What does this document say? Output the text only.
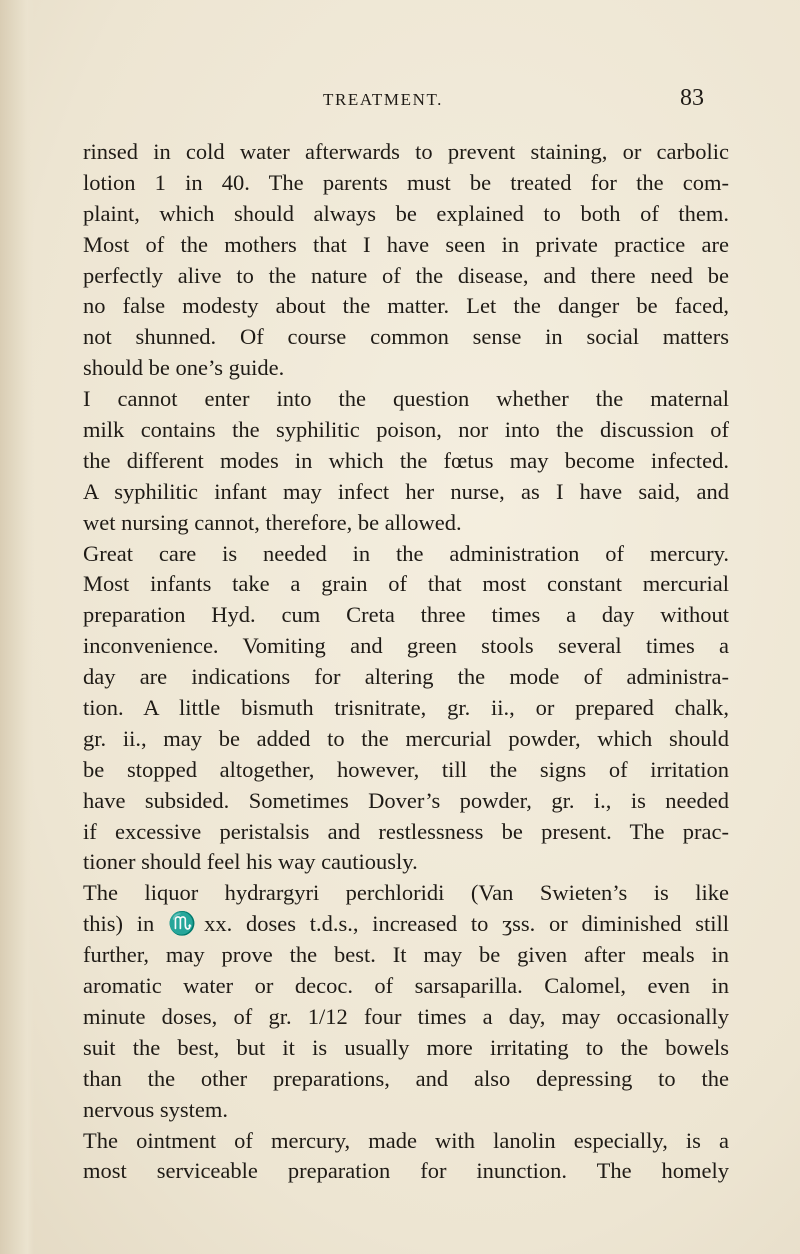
TREATMENT.	83
rinsed in cold water afterwards to prevent staining, or carbolic
lotion 1 in 40. The parents must be treated for the com-
plaint, which should always be explained to both of them.
Most of the mothers that I have seen in private practice are
perfectly alive to the nature of the disease, and there need be
no false modesty about the matter. Let the danger be faced,
not shunned. Of course common sense in social matters
should be one’s guide.
I cannot enter into the question whether the maternal
milk contains the syphilitic poison, nor into the discussion of
the different modes in which the fœtus may become infected.
A syphilitic infant may infect her nurse, as I have said, and
wet nursing cannot, therefore, be allowed.
Great care is needed in the administration of mercury.
Most infants take a grain of that most constant mercurial
preparation Hyd. cum Creta three times a day without
inconvenience. Vomiting and green stools several times a
day are indications for altering the mode of administra-
tion. A little bismuth trisnitrate, gr. ii., or prepared chalk,
gr. ii., may be added to the mercurial powder, which should
be stopped altogether, however, till the signs of irritation
have subsided. Sometimes Dover’s powder, gr. i., is needed
if excessive peristalsis and restlessness be present. The prac-
tioner should feel his way cautiously.
The liquor hydrargyri perchloridi (Van Swieten’s is like
this) in ♏xx. doses t.d.s., increased to ʒss. or diminished still
further, may prove the best. It may be given after meals in
aromatic water or decoc. of sarsaparilla. Calomel, even in
minute doses, of gr. 1/12 four times a day, may occasionally
suit the best, but it is usually more irritating to the bowels
than the other preparations, and also depressing to the
nervous system.
The ointment of mercury, made with lanolin especially, is a
most serviceable preparation for inunction. The homely
